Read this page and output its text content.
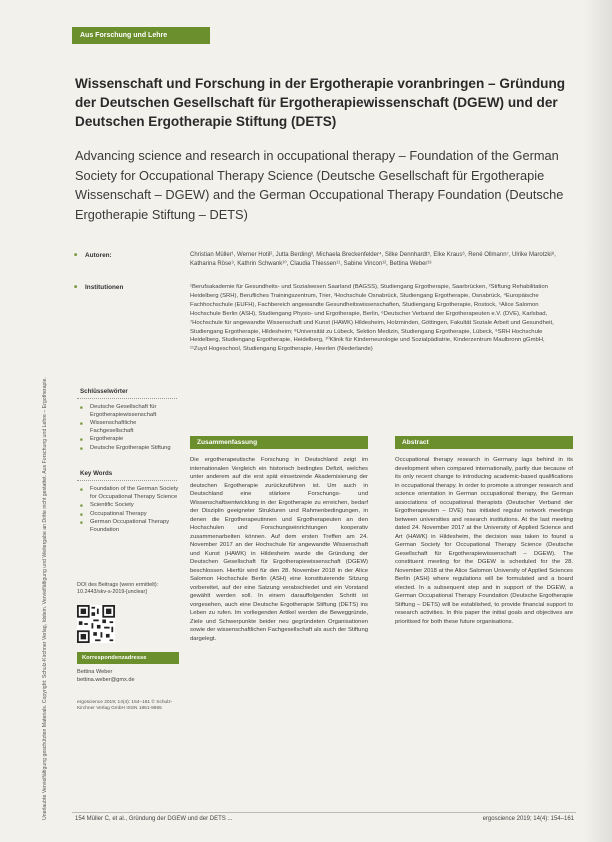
Unerlaubte Vervielfältigung geschützten Materials. Copyright: Schulz-Kirchner Verlag, Idstein. Vervielfältigung und Weitergabe an Dritte nicht gestattet. Aus Forschung und Lehre – Ergotherapie.
Aus Forschung und Lehre
Wissenschaft und Forschung in der Ergotherapie voranbringen – Gründung der Deutschen Gesellschaft für Ergotherapiewissenschaft (DGEW) und der Deutschen Ergotherapie Stiftung (DETS)
Advancing science and research in occupational therapy – Foundation of the German Society for Occupational Therapy Science (Deutsche Gesellschaft für Ergotherapie Wissenschaft – DGEW) and the German Occupational Therapy Foundation (Deutsche Ergotherapie Stiftung – DETS)
■ Autoren:	Christian Müller¹, Werner Hotil², Jutta Berding³, Michaela Breckenfelder⁴, Silke Dennhardt⁵, Elke Kraus⁶, René Ollmann⁷, Ulrike Marotzki⁸, Katharina Röse⁹, Kathrin Schwank¹⁰, Claudia Thiessen¹¹, Sabine Vincon¹², Bettina Weber¹³
■ Institutionen	¹Berufsakademie für Gesundheits- und Sozialwesen Saarland (BAGSS), Studiengang Ergotherapie, Saarbrücken, ²Stiftung Rehabilitation Heidelberg (SRH), Berufliches Trainingszentrum, Trier, ³Hochschule Osnabrück, Studiengang Ergotherapie, Osnabrück, ⁴Europäische Fachhochschule (EUFH), Fachbereich angewandte Gesundheitswissenschaften, Studiengang Ergotherapie, Rostock, ⁵Alice Salomon Hochschule Berlin (ASH), Studiengang Physio- und Ergotherapie, Berlin, ⁶Deutscher Verband der Ergotherapeuten e.V. (DVE), Karlsbad, ⁷Hochschule für angewandte Wissenschaft und Kunst (HAWK) Hildesheim, Holzminden, Göttingen, Fakultät Soziale Arbeit und Gesundheit, Studiengang Ergotherapie, Hildesheim; ⁸Universität zu Lübeck, Sektion Medizin, Studiengang Ergotherapie, Lübeck, ⁹SRH Hochschule Heidelberg, Studiengang Ergotherapie, Heidelberg, ¹⁰Klinik für Kinderneurologie und Sozialpädiatrie, Kinderzentrum Maulbronn gGmbH, ¹¹Zuyd Hogeschool, Studiengang Ergotherapie, Heerlen (Niederlande)
Schlüsselwörter
■ Deutsche Gesellschaft für Ergotherapiewissenschaft
■ Wissenschaftliche Fachgesellschaft
■ Ergotherapie
■ Deutsche Ergotherapie Stiftung
Key Words
■ Foundation of the German Society for Occupational Therapy Science
■ Scientific Society
■ Occupational Therapy
■ German Occupational Therapy Foundation
DOI des Beitrags (wenn ermittelt): 10.2443/skv-s-2019-[unclear]
Korrespondenzadresse
Bettina Weber
bettina.weber@gmx.de
ergoscience 2019; 14(4): 154–161 © Schulz-Kirchner Verlag GmbH ISSN 1861-9665
Zusammenfassung

Die ergotherapeutische Forschung in Deutschland zeigt im internationalen Vergleich ein historisch bedingtes Defizit, welches unter anderem auf die erst spät einsetzende Akademisierung der deutschen Ergotherapie zurückzuführen ist. Um auch in Deutschland eine stärkere Forschungs- und Wissenschaftsentwicklung in der Ergotherapie zu erreichen, bedarf der Disziplin geeigneter Strukturen und Rahmenbedingungen, in denen die Ergotherapeutinnen und Ergotherapeuten an den Hochschulen und Forschungseinrichtungen kooperativ zusammenarbeiten können. Auf dem ersten Treffen am 24. November 2017 an der Hochschule für angewandte Wissenschaft und Kunst (HAWK) in Hildesheim wurde die Gründung der Deutschen Gesellschaft für Ergotherapiewissenschaft (DGEW) beschlossen. Hierfür wird für den 28. November 2018 in der Alice Salomon Hochschule Berlin (ASH) eine konstituierende Sitzung vorbereitet, auf der eine Satzung verabschiedet und ein Vorstand gewählt werden soll. In einem darauffolgenden Schritt ist vorgesehen, auch eine Deutsche Ergotherapie Stiftung (DETS) ins Leben zu rufen. Im vorliegenden Artikel werden die Beweggründe, Ziele und Schwerpunkte beider neu gegründeten Organisationen sowie der wissenschaftlichen Fachgesellschaft als auch der Stiftung dargelegt.

Abstract

Occupational therapy research in Germany lags behind in its development when compared internationally, partly due because of its only recent change to introducing academic-based qualifications in occupational therapy. In order to promote a stronger research and science orientation in German occupational therapy, the German associations of occupational therapists (Deutscher Verband der Ergotherapeuten – DVE) has initiated regular network meetings between universities and research institutions. At the last meeting dated 24. November 2017 at the University of Applied Science and Art (HAWK) in Hildesheim, the decision was taken to found a German Society for Occupational Therapy Science (Deutsche Gesellschaft für Ergotherapiewissenschaft – DGEW). The constituent meeting for the DGEW is scheduled for the 28. November 2018 at the Alice Salomon University of Applied Sciences Berlin (ASH) where regulations will be formulated and a board elected. In a subsequent step and in support of the DGEW, a German Occupational Therapy Foundation (Deutsche Ergotherapie Stiftung – DETS) will be established, to provide financial support to research activities. In this paper the initial goals and objectives are prioritised for both these future organisations.

154 Müller C, et al., Gründung der DGEW und der DETS ...	ergoscience 2019; 14(4): 154–161
